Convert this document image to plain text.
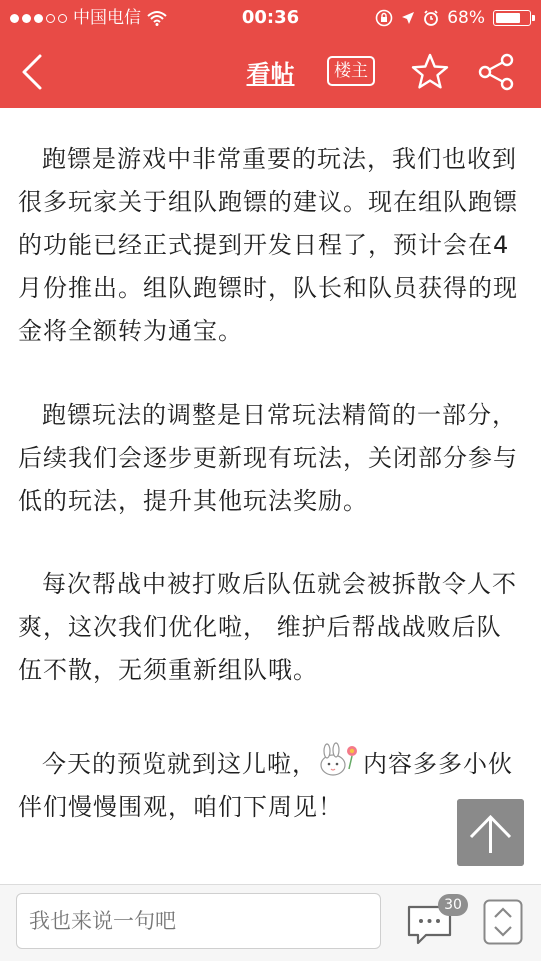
中国电信	00:36	68%
看帖	楼主
跑镖是游戏中非常重要的玩法，我们也收到很多玩家关于组队跑镖的建议。现在组队跑镖的功能已经正式提到开发日程了，预计会在4月份推出。组队跑镖时，队长和队员获得的现金将全额转为通宝。
跑镖玩法的调整是日常玩法精简的一部分，后续我们会逐步更新现有玩法，关闭部分参与低的玩法，提升其他玩法奖励。
每次帮战中被打败后队伍就会被拆散令人不爽，这次我们优化啦， 维护后帮战战败后队伍不散，无须重新组队哦。
今天的预览就到这儿啦， 内容多多小伙伴们慢慢围观，咱们下周见！
我也来说一句吧
30
